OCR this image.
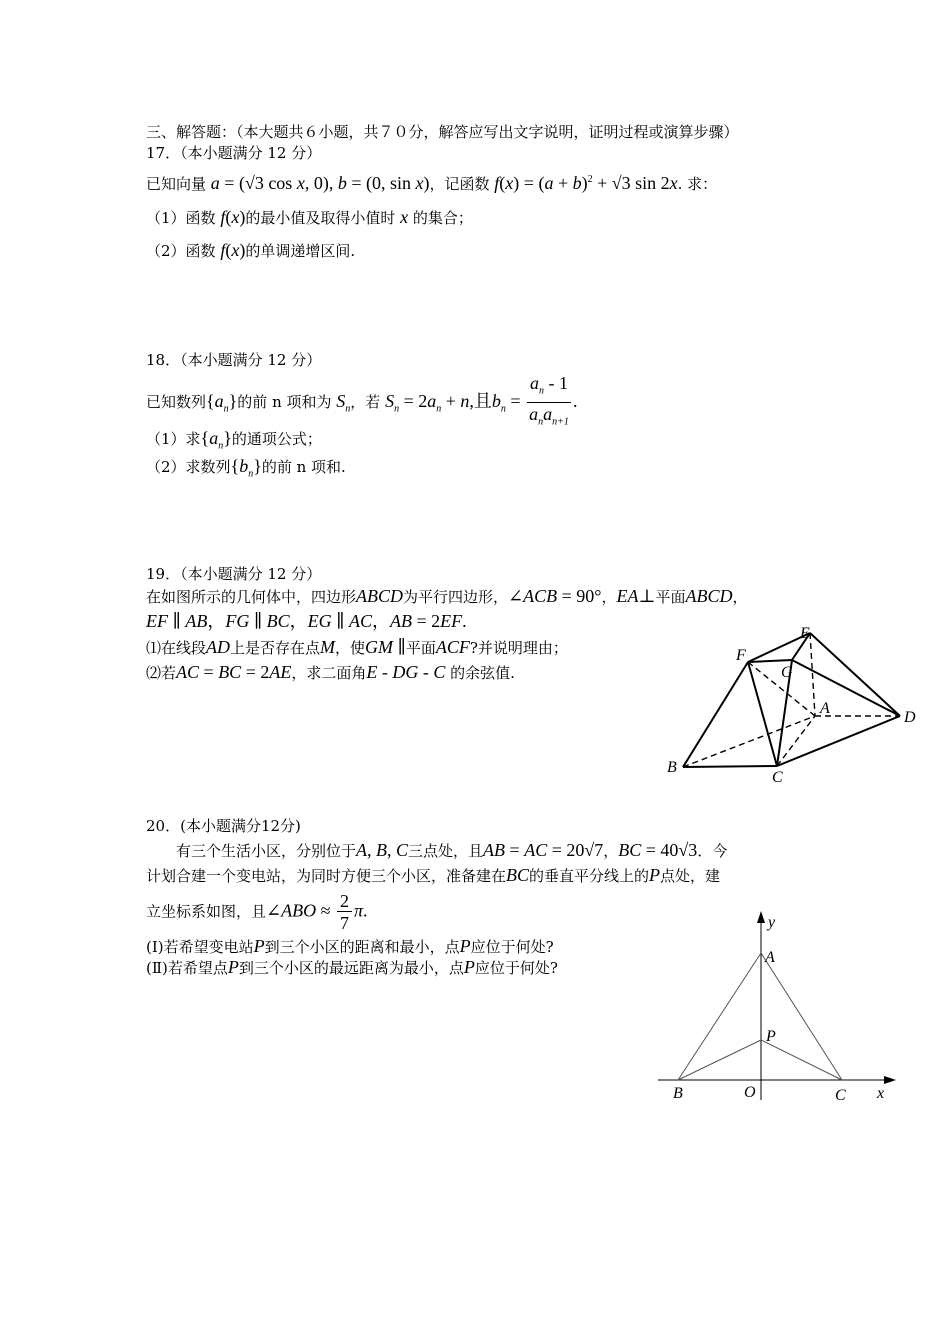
三、解答题：（本大题共６小题，共７０分，解答应写出文字说明，证明过程或演算步骤）
17．（本小题满分 12 分）
已知向量 a = (√3 cos x, 0), b = (0, sin x)，记函数 $f(x) = (a + b)^2 + √3$ sin 2x. 求：
（1）函数 f(x)的最小值及取得小值时 x 的集合；
（2）函数 f(x)的单调递增区间.
18．（本小题满分 12 分）
已知数列$\{a_n\}$的前 n 项和为 $S_n$，若 $S_n = 2a_n + n$,且$b_n = \frac{a_n - 1}{a_na_{n+1}}$ .
（1）求$\{a_n\}$的通项公式；
（2）求数列$\{b_n\}$的前 n 项和.
19．（本小题满分 12 分）
在如图所示的几何体中，四边形ABCD为平行四边形，∠ACB = 90°，EA⊥平面ABCD，
EF ∥ AB，FG ∥ BC，EG ∥ AC，AB = 2EF.
⑴在线段AD上是否存在点M，使GM ∥平面ACF?并说明理由；
⑵若AC = BC = 2AE，求二面角E - DG - C 的余弦值.
E
F
G
A
D
B
C
20．(本小题满分12分)
有三个生活小区，分别位于A, B, C三点处，且AB = AC = 20√7，BC = 40√3．今
计划合建一个变电站，为同时方便三个小区，准备建在BC的垂直平分线上的P点处，建
立坐标系如图，且∠ABO ≈ $\frac{2}{7} \pi$.
(Ⅰ)若希望变电站P到三个小区的距离和最小，点P应位于何处?
(Ⅱ)若希望点P到三个小区的最远距离为最小，点P应位于何处?
y
A
P
B	O	C x
